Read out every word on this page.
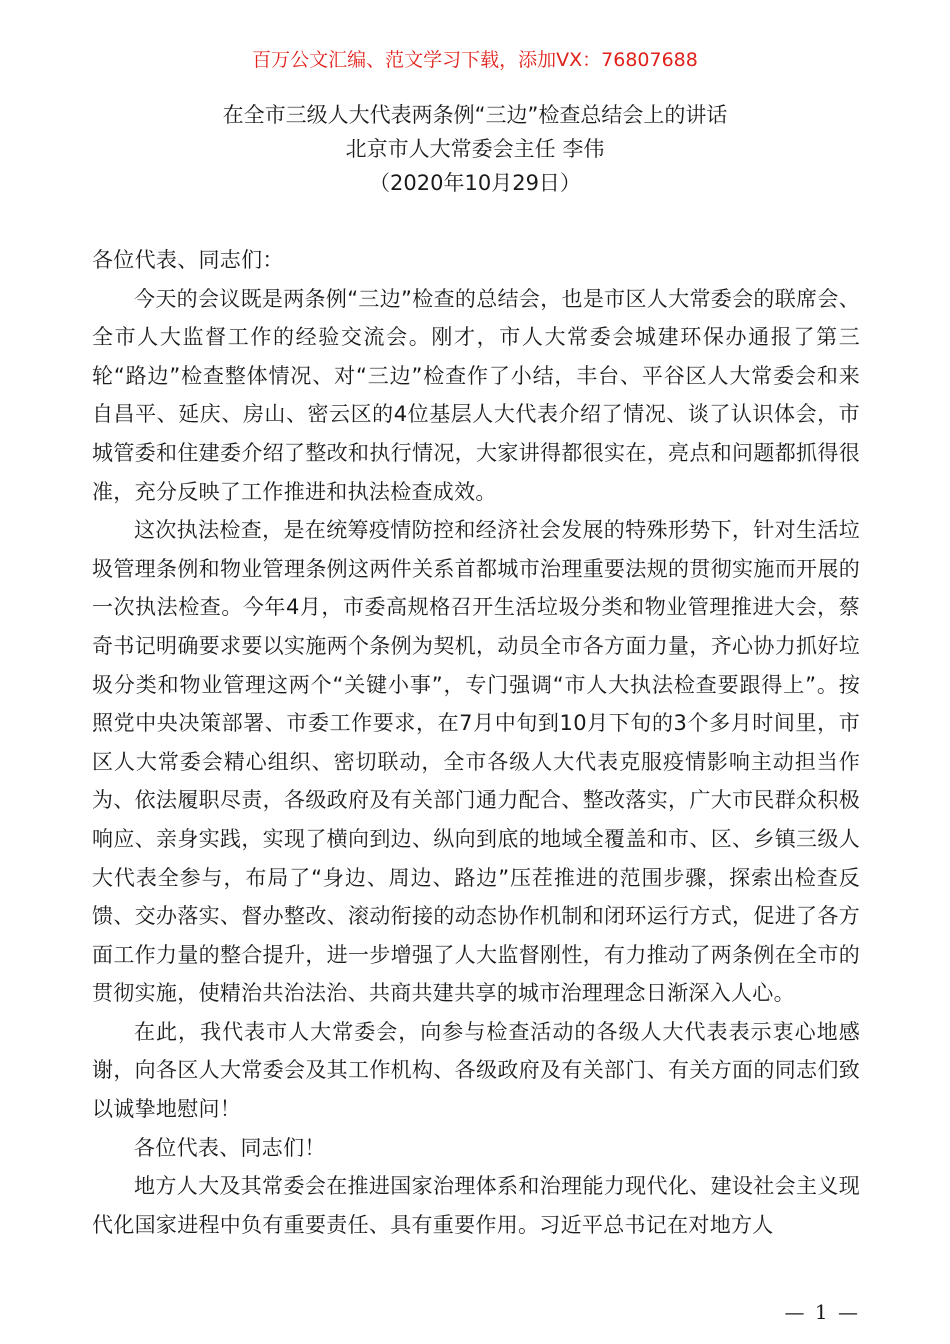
百万公文汇编、范文学习下载，添加VX：76807688
在全市三级人大代表两条例“三边”检查总结会上的讲话
北京市人大常委会主任 李伟
（2020年10月29日）

各位代表、同志们：

今天的会议既是两条例“三边”检查的总结会，也是市区人大常委会的联席会、全市人大监督工作的经验交流会。刚才，市人大常委会城建环保办通报了第三轮“路边”检查整体情况、对“三边”检查作了小结，丰台、平谷区人大常委会和来自昌平、延庆、房山、密云区的4位基层人大代表介绍了情况、谈了认识体会，市城管委和住建委介绍了整改和执行情况，大家讲得都很实在，亮点和问题都抓得很准，充分反映了工作推进和执法检查成效。

这次执法检查，是在统筹疫情防控和经济社会发展的特殊形势下，针对生活垃圾管理条例和物业管理条例这两件关系首都城市治理重要法规的贯彻实施而开展的一次执法检查。今年4月，市委高规格召开生活垃圾分类和物业管理推进大会，蔡奇书记明确要求要以实施两个条例为契机，动员全市各方面力量，齐心协力抓好垃圾分类和物业管理这两个“关键小事”，专门强调“市人大执法检查要跟得上”。按照党中央决策部署、市委工作要求，在7月中旬到10月下旬的3个多月时间里，市区人大常委会精心组织、密切联动，全市各级人大代表克服疫情影响主动担当作为、依法履职尽责，各级政府及有关部门通力配合、整改落实，广大市民群众积极响应、亲身实践，实现了横向到边、纵向到底的地域全覆盖和市、区、乡镇三级人大代表全参与，布局了“身边、周边、路边”压茬推进的范围步骤，探索出检查反馈、交办落实、督办整改、滚动衔接的动态协作机制和闭环运行方式，促进了各方面工作力量的整合提升，进一步增强了人大监督刚性，有力推动了两条例在全市的贯彻实施，使精治共治法治、共商共建共享的城市治理理念日渐深入人心。

在此，我代表市人大常委会，向参与检查活动的各级人大代表表示衷心地感谢，向各区人大常委会及其工作机构、各级政府及有关部门、有关方面的同志们致以诚挚地慰问！

各位代表、同志们！

地方人大及其常委会在推进国家治理体系和治理能力现代化、建设社会主义现代化国家进程中负有重要责任、具有重要作用。习近平总书记在对地方人

— 1 —
